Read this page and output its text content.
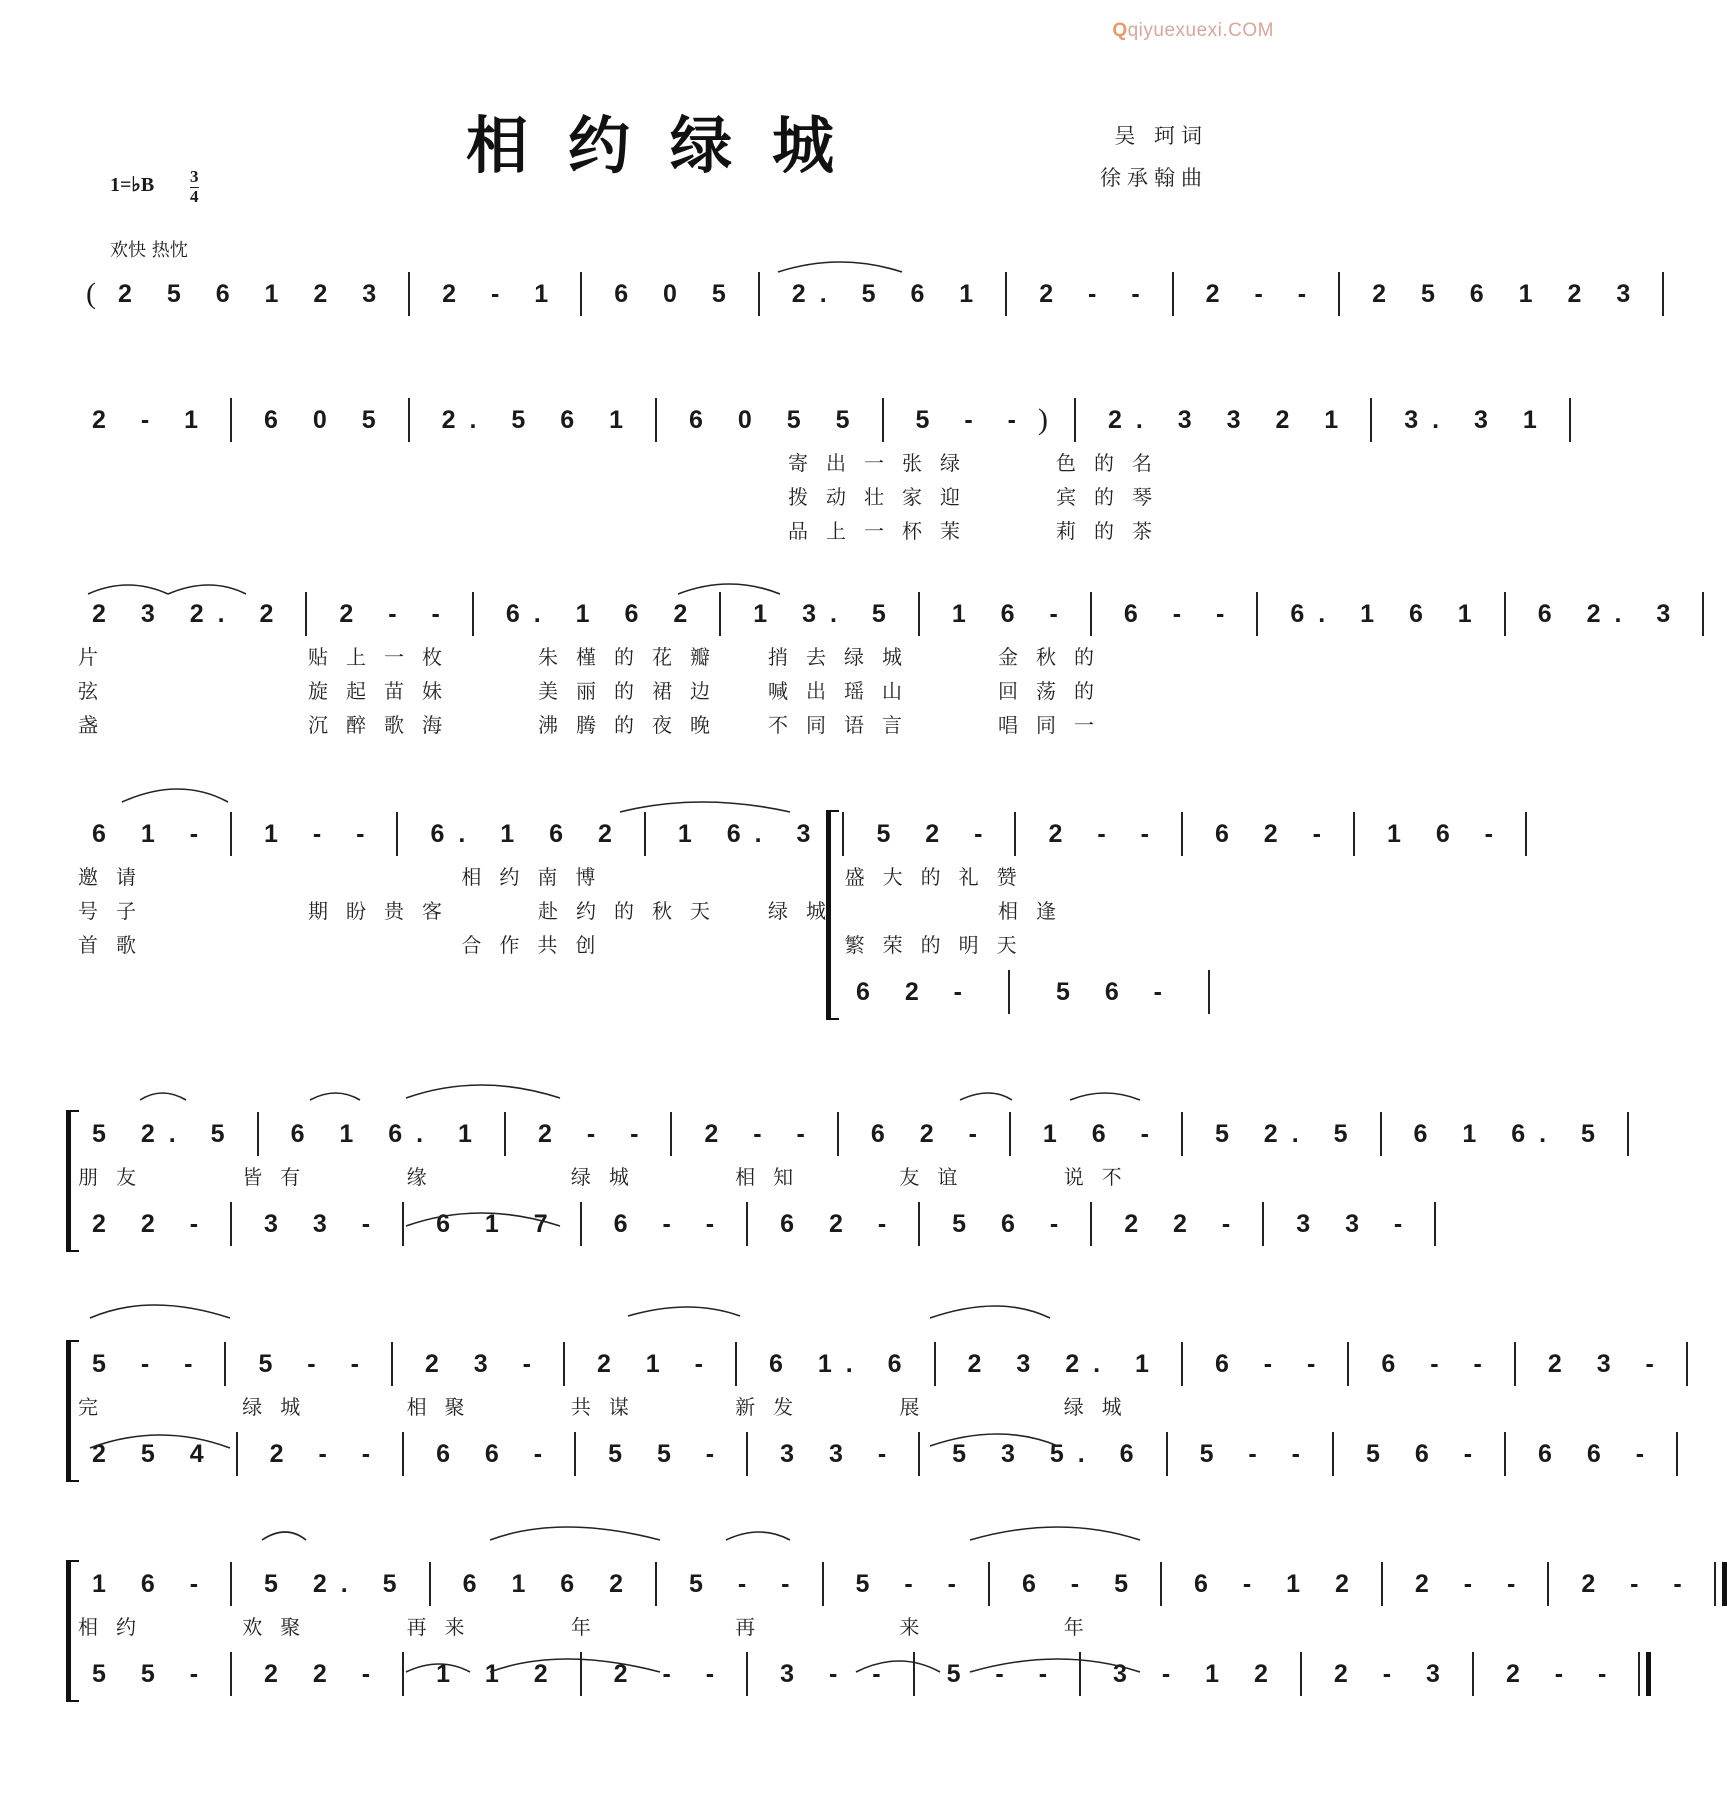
Qqiyuexuexi.COM
相约绿城	吴 珂词
徐承翰曲
1=♭B 3
4
欢快 热忱
( 2 5 6 1 2 3	2 - 1	6 0 5	2. 5 6 1	2 - -	2 - -	2 5 6 1 2 3
2 - 1	6 0 5	2. 5 6 1	6 0 5 5	5 - - )	2. 3 3 2 1	3. 3 1
寄出一张绿	色的名
拨动壮家迎	宾的琴
品上一杯茉	莉的茶
2 3 2. 2	2 - -	6. 1 6 2	1 3. 5	1 6 -	6 - -	6. 1 6 1	6 2. 3
片	贴上一枚	朱槿的花瓣	捎去绿城	金秋的
弦	旋起苗妹	美丽的裙边	喊出瑶山	回荡的
盏	沉醉歌海	沸腾的夜晚	不同语言	唱同一
6 1 -	1 - -	6. 1 6 2	1 6. 3	5 2 -	2 - -	6 2 -	1 6 -
邀请	相约南博	盛大的礼赞
号子	期盼贵客	赴约的秋天	绿城	相逢
首歌	合作共创	繁荣的明天
6 2 -	5 6 -
5 2. 5	6 1 6. 1	2 - -	2 - -	6 2 -	1 6 -	5 2. 5	6 1 6. 5
朋友	皆有	缘	绿城	相知	友谊	说不
2 2 -	3 3 -	6 1 7	6 - -	6 2 -	5 6 -	2 2 -	3 3 -
5 - -	5 - -	2 3 -	2 1 -	6 1. 6	2 3 2. 1	6 - -	6 - -	2 3 -
完	绿城	相聚	共谋	新发	展	绿城
2 5 4	2 - -	6 6 -	5 5 -	3 3 -	5 3 5. 6	5 - -	5 6 -	6 6 -
1 6 -	5 2. 5	6 1 6 2	5 - -	5 - -	6 - 5	6 - 1 2	2 - -	2 - -
相约	欢聚	再来	年	再	来	年
5 5 -	2 2 -	1 1 2	2 - -	3 - -	5 - -	3 - 1 2	2 - 3	2 - -
